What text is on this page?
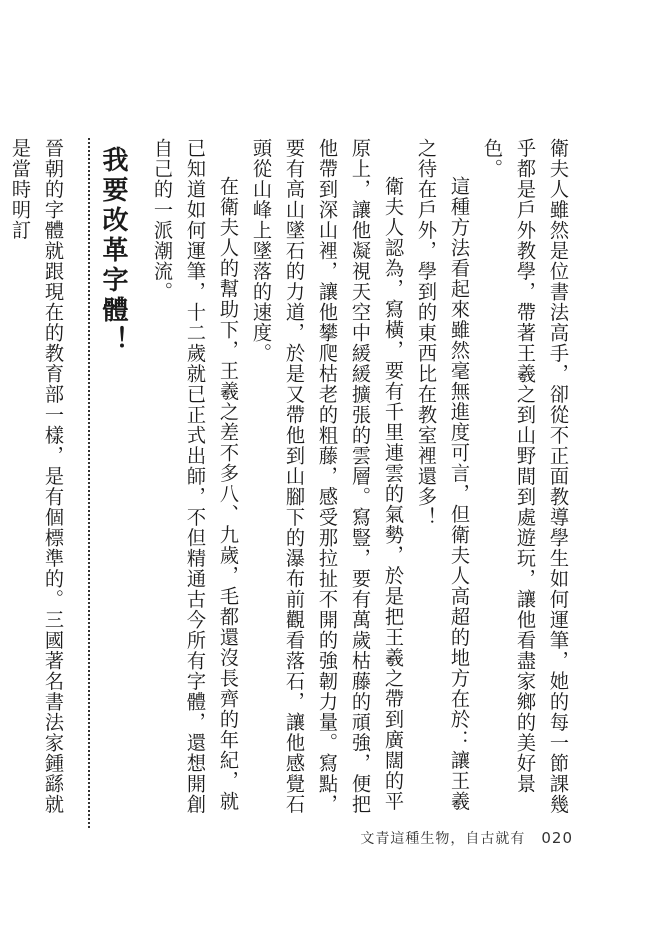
衛夫人雖然是位書法高手，卻從不正面教導學生如何運筆，她的每一節課幾乎都是戶外教學，帶著王羲之到山野間到處遊玩，讓他看盡家鄉的美好景色。

這種方法看起來雖然毫無進度可言，但衛夫人高超的地方在於：讓王羲之待在戶外，學到的東西比在教室裡還多！

衛夫人認為，寫橫，要有千里連雲的氣勢，於是把王羲之帶到廣闊的平原上，讓他凝視天空中緩緩擴張的雲層。寫豎，要有萬歲枯藤的頑強，便把他帶到深山裡，讓他攀爬枯老的粗藤，感受那拉扯不開的強韌力量。寫點，要有高山墜石的力道，於是又帶他到山腳下的瀑布前觀看落石，讓他感覺石頭從山峰上墜落的速度。

在衛夫人的幫助下，王羲之差不多八、九歲，毛都還沒長齊的年紀，就已知道如何運筆，十二歲就已正式出師，不但精通古今所有字體，還想開創自己的一派潮流。

我要改革字體！

晉朝的字體就跟現在的教育部一樣，是有個標準的。三國著名書法家鍾繇就是當時明訂

文青這種生物，自古就有 020
